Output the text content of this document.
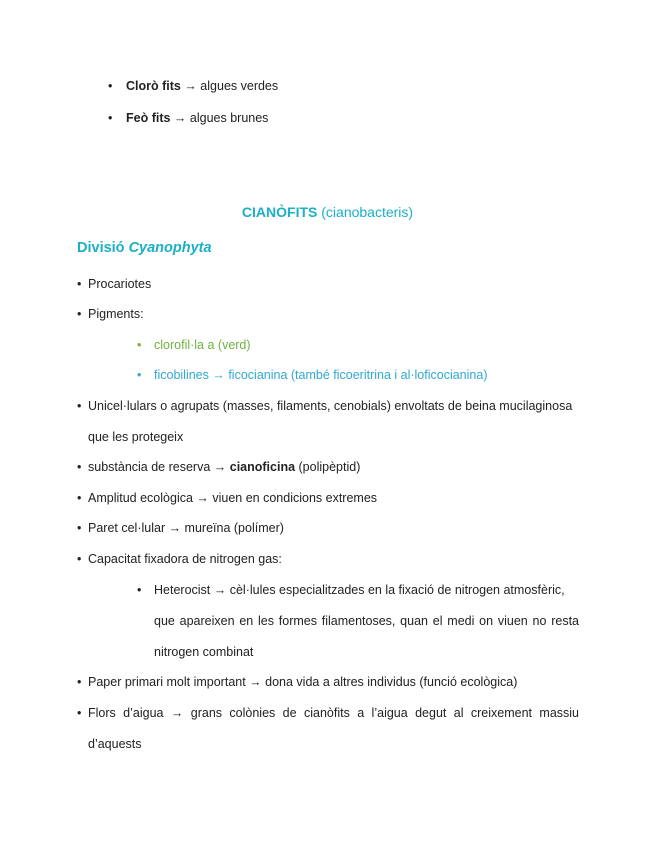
• Clorò fits → algues verdes
• Feò fits → algues brunes
CIANÒFITS (cianobacteris)
Divisió Cyanophyta
• Procariotes
• Pigments:
• clorofil·la a (verd)
• ficobilines → ficocianina (també ficoeritrina i al·loficocianina)
• Unicel·lulars o agrupats (masses, filaments, cenobials) envoltats de beina mucilaginosa
que les protegeix
• substància de reserva → cianoficina (polipèptid)
• Amplitud ecològica → viuen en condicions extremes
• Paret cel·lular → mureïna (polímer)
• Capacitat fixadora de nitrogen gas:
• Heterocist → cèl·lules especialitzades en la fixació de nitrogen atmosfèric,
que apareixen en les formes filamentoses, quan el medi on viuen no resta
nitrogen combinat
• Paper primari molt important → dona vida a altres individus (funció ecològica)
• Flors d’aigua → grans colònies de cianòfits a l’aigua degut al creixement massiu
d’aquests
